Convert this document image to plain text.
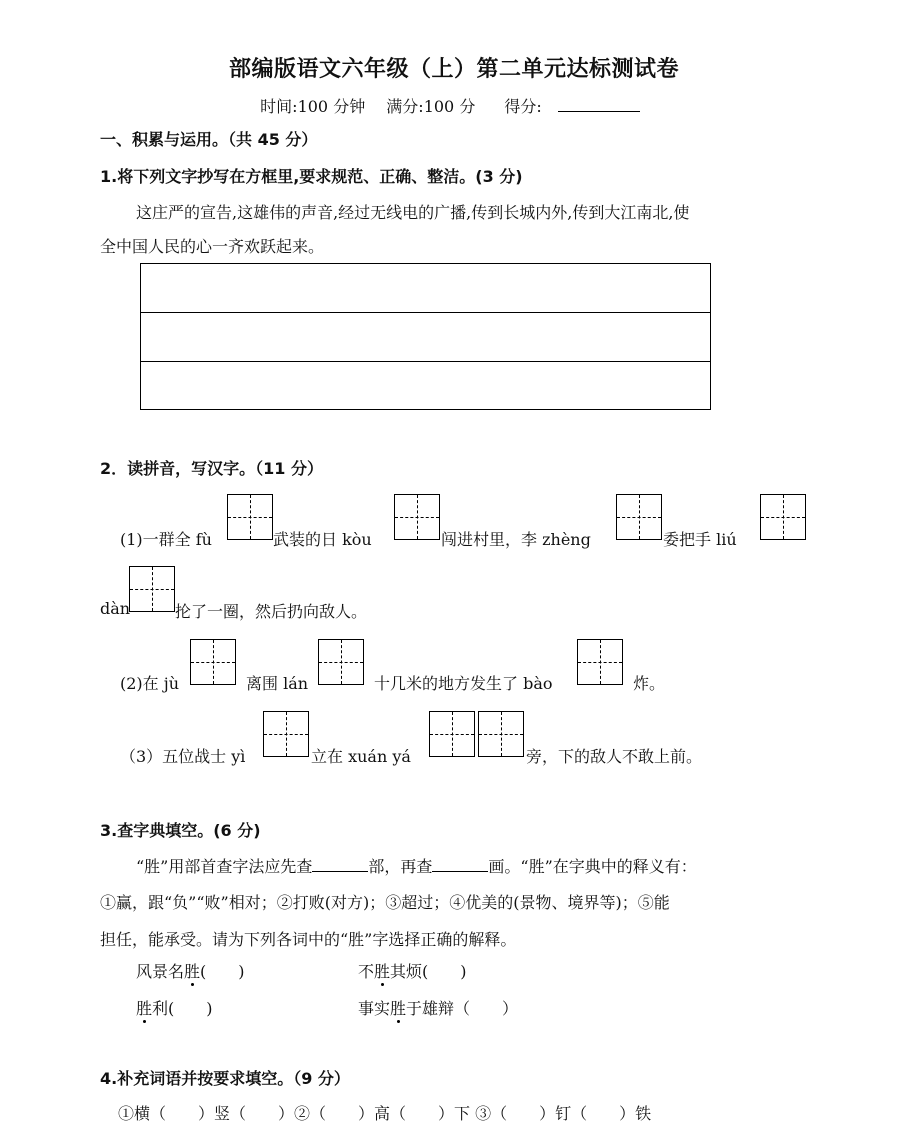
部编版语文六年级（上）第二单元达标测试卷
时间:100 分钟 满分:100 分 得分:
一、积累与运用。（共 45 分）
1.将下列文字抄写在方框里,要求规范、正确、整洁。(3 分)
这庄严的宣告,这雄伟的声音,经过无线电的广播,传到长城内外,传到大江南北,使
全中国人民的心一齐欢跃起来。
2．读拼音，写汉字。（11 分）
(1)一群全 fù	武装的日 kòu	闯进村里，李 zhèng	委把手 liú
dàn	抡了一圈，然后扔向敌人。
(2)在 jù	离围 lán	十几米的地方发生了 bào	炸。
（3）五位战士 yì	立在 xuán yá	旁，下的敌人不敢上前。
3.查字典填空。(6 分)
“胜”用部首查字法应先查	部，再查	画。“胜”在字典中的释义有：
①赢，跟“负”“败”相对；②打败(对方)；③超过；④优美的(景物、境界等)；⑤能
担任，能承受。请为下列各词中的“胜”字选择正确的解释。
风景名胜(　　)	不胜其烦(　　)
胜利(　　)	事实胜于雄辩（　　）
4.补充词语并按要求填空。（9 分）
①横（　　）竖（　　）②（　　）高（　　）下 ③（　　）钉（　　）铁
